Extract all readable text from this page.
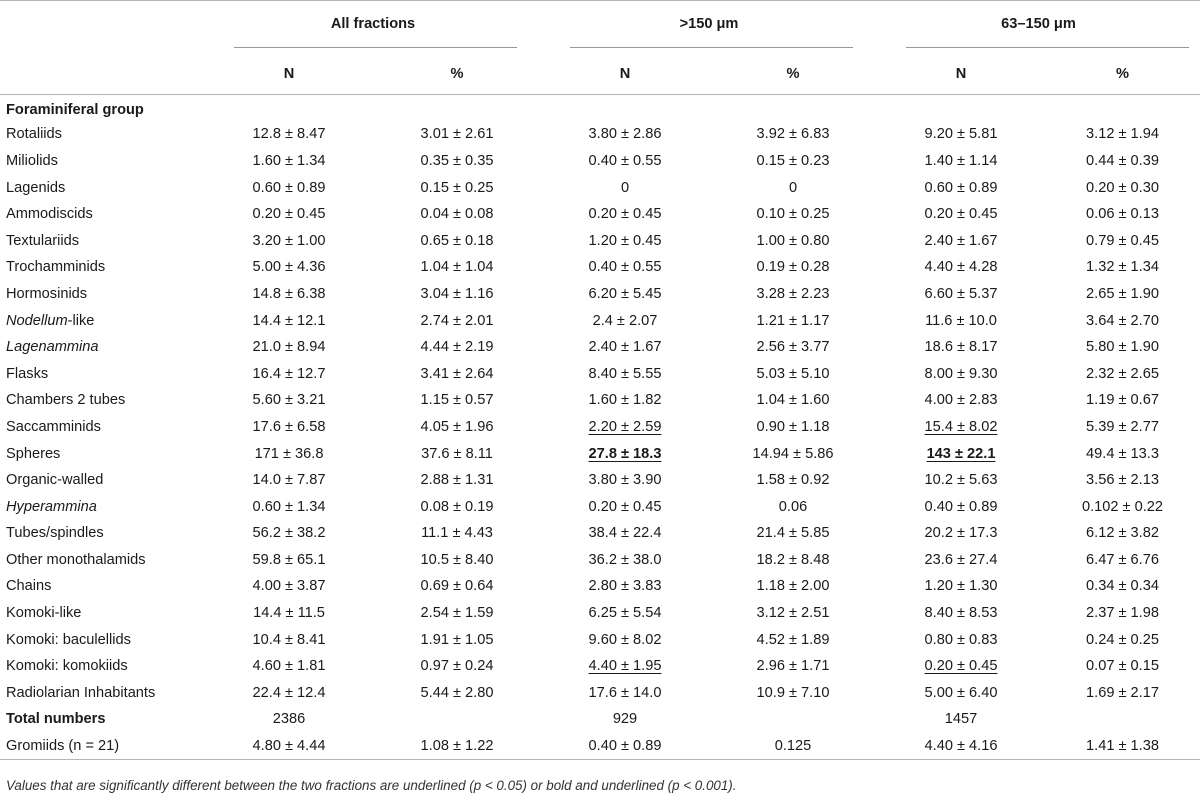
	All fractions		>150 μm		63–150 μm	
	N	%	N	%	N	%
Foraminiferal group						
Rotaliids	12.8 ± 8.47	3.01 ± 2.61	3.80 ± 2.86	3.92 ± 6.83	9.20 ± 5.81	3.12 ± 1.94
Miliolids	1.60 ± 1.34	0.35 ± 0.35	0.40 ± 0.55	0.15 ± 0.23	1.40 ± 1.14	0.44 ± 0.39
Lagenids	0.60 ± 0.89	0.15 ± 0.25	0	0	0.60 ± 0.89	0.20 ± 0.30
Ammodiscids	0.20 ± 0.45	0.04 ± 0.08	0.20 ± 0.45	0.10 ± 0.25	0.20 ± 0.45	0.06 ± 0.13
Textulariids	3.20 ± 1.00	0.65 ± 0.18	1.20 ± 0.45	1.00 ± 0.80	2.40 ± 1.67	0.79 ± 0.45
Trochamminids	5.00 ± 4.36	1.04 ± 1.04	0.40 ± 0.55	0.19 ± 0.28	4.40 ± 4.28	1.32 ± 1.34
Hormosinids	14.8 ± 6.38	3.04 ± 1.16	6.20 ± 5.45	3.28 ± 2.23	6.60 ± 5.37	2.65 ± 1.90
Nodellum-like	14.4 ± 12.1	2.74 ± 2.01	2.4 ± 2.07	1.21 ± 1.17	11.6 ± 10.0	3.64 ± 2.70
Lagenammina	21.0 ± 8.94	4.44 ± 2.19	2.40 ± 1.67	2.56 ± 3.77	18.6 ± 8.17	5.80 ± 1.90
Flasks	16.4 ± 12.7	3.41 ± 2.64	8.40 ± 5.55	5.03 ± 5.10	8.00 ± 9.30	2.32 ± 2.65
Chambers 2 tubes	5.60 ± 3.21	1.15 ± 0.57	1.60 ± 1.82	1.04 ± 1.60	4.00 ± 2.83	1.19 ± 0.67
Saccamminids	17.6 ± 6.58	4.05 ± 1.96	2.20 ± 2.59	0.90 ± 1.18	15.4 ± 8.02	5.39 ± 2.77
Spheres	171 ± 36.8	37.6 ± 8.11	27.8 ± 18.3	14.94 ± 5.86	143 ± 22.1	49.4 ± 13.3
Organic-walled	14.0 ± 7.87	2.88 ± 1.31	3.80 ± 3.90	1.58 ± 0.92	10.2 ± 5.63	3.56 ± 2.13
Hyperammina	0.60 ± 1.34	0.08 ± 0.19	0.20 ± 0.45	0.06	0.40 ± 0.89	0.102 ± 0.22
Tubes/spindles	56.2 ± 38.2	11.1 ± 4.43	38.4 ± 22.4	21.4 ± 5.85	20.2 ± 17.3	6.12 ± 3.82
Other monothalamids	59.8 ± 65.1	10.5 ± 8.40	36.2 ± 38.0	18.2 ± 8.48	23.6 ± 27.4	6.47 ± 6.76
Chains	4.00 ± 3.87	0.69 ± 0.64	2.80 ± 3.83	1.18 ± 2.00	1.20 ± 1.30	0.34 ± 0.34
Komoki-like	14.4 ± 11.5	2.54 ± 1.59	6.25 ± 5.54	3.12 ± 2.51	8.40 ± 8.53	2.37 ± 1.98
Komoki: baculellids	10.4 ± 8.41	1.91 ± 1.05	9.60 ± 8.02	4.52 ± 1.89	0.80 ± 0.83	0.24 ± 0.25
Komoki: komokiids	4.60 ± 1.81	0.97 ± 0.24	4.40 ± 1.95	2.96 ± 1.71	0.20 ± 0.45	0.07 ± 0.15
Radiolarian Inhabitants	22.4 ± 12.4	5.44 ± 2.80	17.6 ± 14.0	10.9 ± 7.10	5.00 ± 6.40	1.69 ± 2.17
Total numbers	2386		929		1457	
Gromiids (n = 21)	4.80 ± 4.44	1.08 ± 1.22	0.40 ± 0.89	0.125	4.40 ± 4.16	1.41 ± 1.38
Values that are significantly different between the two fractions are underlined (p < 0.05) or bold and underlined (p < 0.001).
